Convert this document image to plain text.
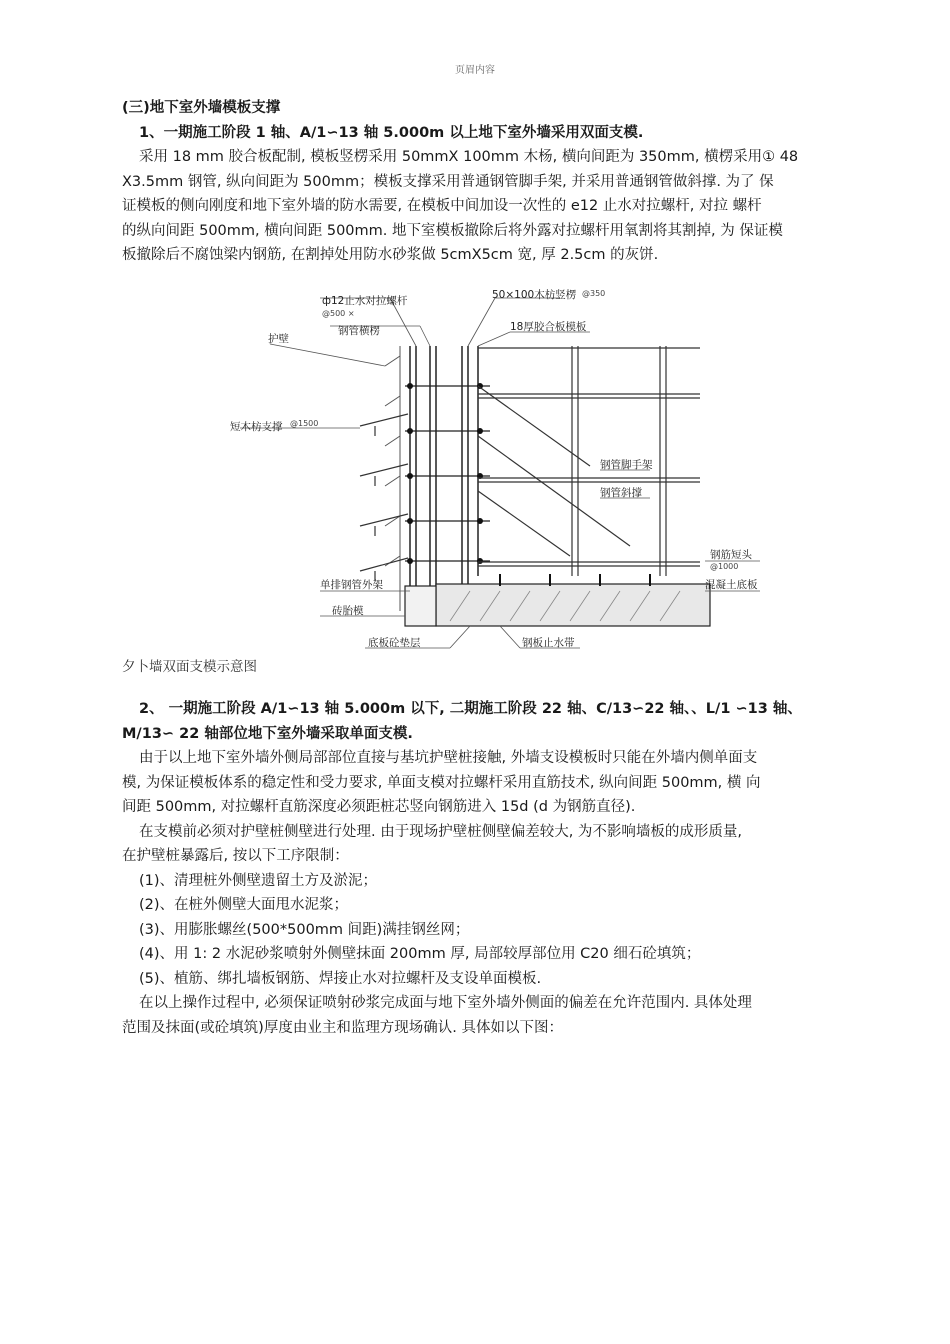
页眉内容
(三)地下室外墙模板支撑
1、一期施工阶段 1 轴、A/1∽13 轴 5.000m 以上地下室外墙采用双面支模.
采用 18 mm 胶合板配制, 模板竖楞采用 50mmX 100mm 木杨, 横向间距为 350mm, 横楞采用① 48
X3.5mm 钢管, 纵向间距为 500mm；模板支撑采用普通钢管脚手架, 并采用普通钢管做斜撑. 为了 保
证模板的侧向刚度和地下室外墙的防水需要, 在模板中间加设一次性的 e12 止水对拉螺杆, 对拉 螺杆
的纵向间距 500mm, 横向间距 500mm. 地下室模板撤除后将外露对拉螺杆用氧割将其割掉, 为 保证模
板撤除后不腐蚀梁内钢筋, 在割掉处用防水砂浆做 5cmX5cm 宽, 厚 2.5cm 的灰饼.
ф12止水对拉螺杆
@500 ×
钢管横楞
50×100木枋竖楞 @350
18厚胶合板模板
护壁
短木枋支撑 @1500
钢管脚手架
钢管斜撑
钢筋短头
@1000
混凝土底板
单排钢管外架
砖胎模
底板砼垫层	钢板止水带
夕卜墙双面支模示意图
2、 一期施工阶段 A/1∽13 轴 5.000m 以下, 二期施工阶段 22 轴、C/13∽22 轴、、L/1 ∽13 轴、
M/13∽ 22 轴部位地下室外墙采取单面支模.
由于以上地下室外墙外侧局部部位直接与基坑护壁桩接触, 外墙支设模板时只能在外墙内侧单面支
模, 为保证模板体系的稳定性和受力要求, 单面支模对拉螺杆采用直筋技术, 纵向间距 500mm, 横 向
间距 500mm, 对拉螺杆直筋深度必须距桩芯竖向钢筋进入 15d (d 为钢筋直径).
在支模前必须对护壁桩侧壁进行处理. 由于现场护壁桩侧壁偏差较大, 为不影响墙板的成形质量,
在护壁桩暴露后, 按以下工序限制：
(1)、清理桩外侧壁遗留土方及淤泥；
(2)、在桩外侧壁大面甩水泥浆；
(3)、用膨胀螺丝(500*500mm 间距)满挂钢丝网；
(4)、用 1: 2 水泥砂浆喷射外侧壁抹面 200mm 厚, 局部较厚部位用 C20 细石砼填筑；
(5)、植筋、绑扎墙板钢筋、焊接止水对拉螺杆及支设单面模板.
在以上操作过程中, 必须保证喷射砂浆完成面与地下室外墙外侧面的偏差在允许范围内. 具体处理
范围及抹面(或砼填筑)厚度由业主和监理方现场确认. 具体如以下图：
